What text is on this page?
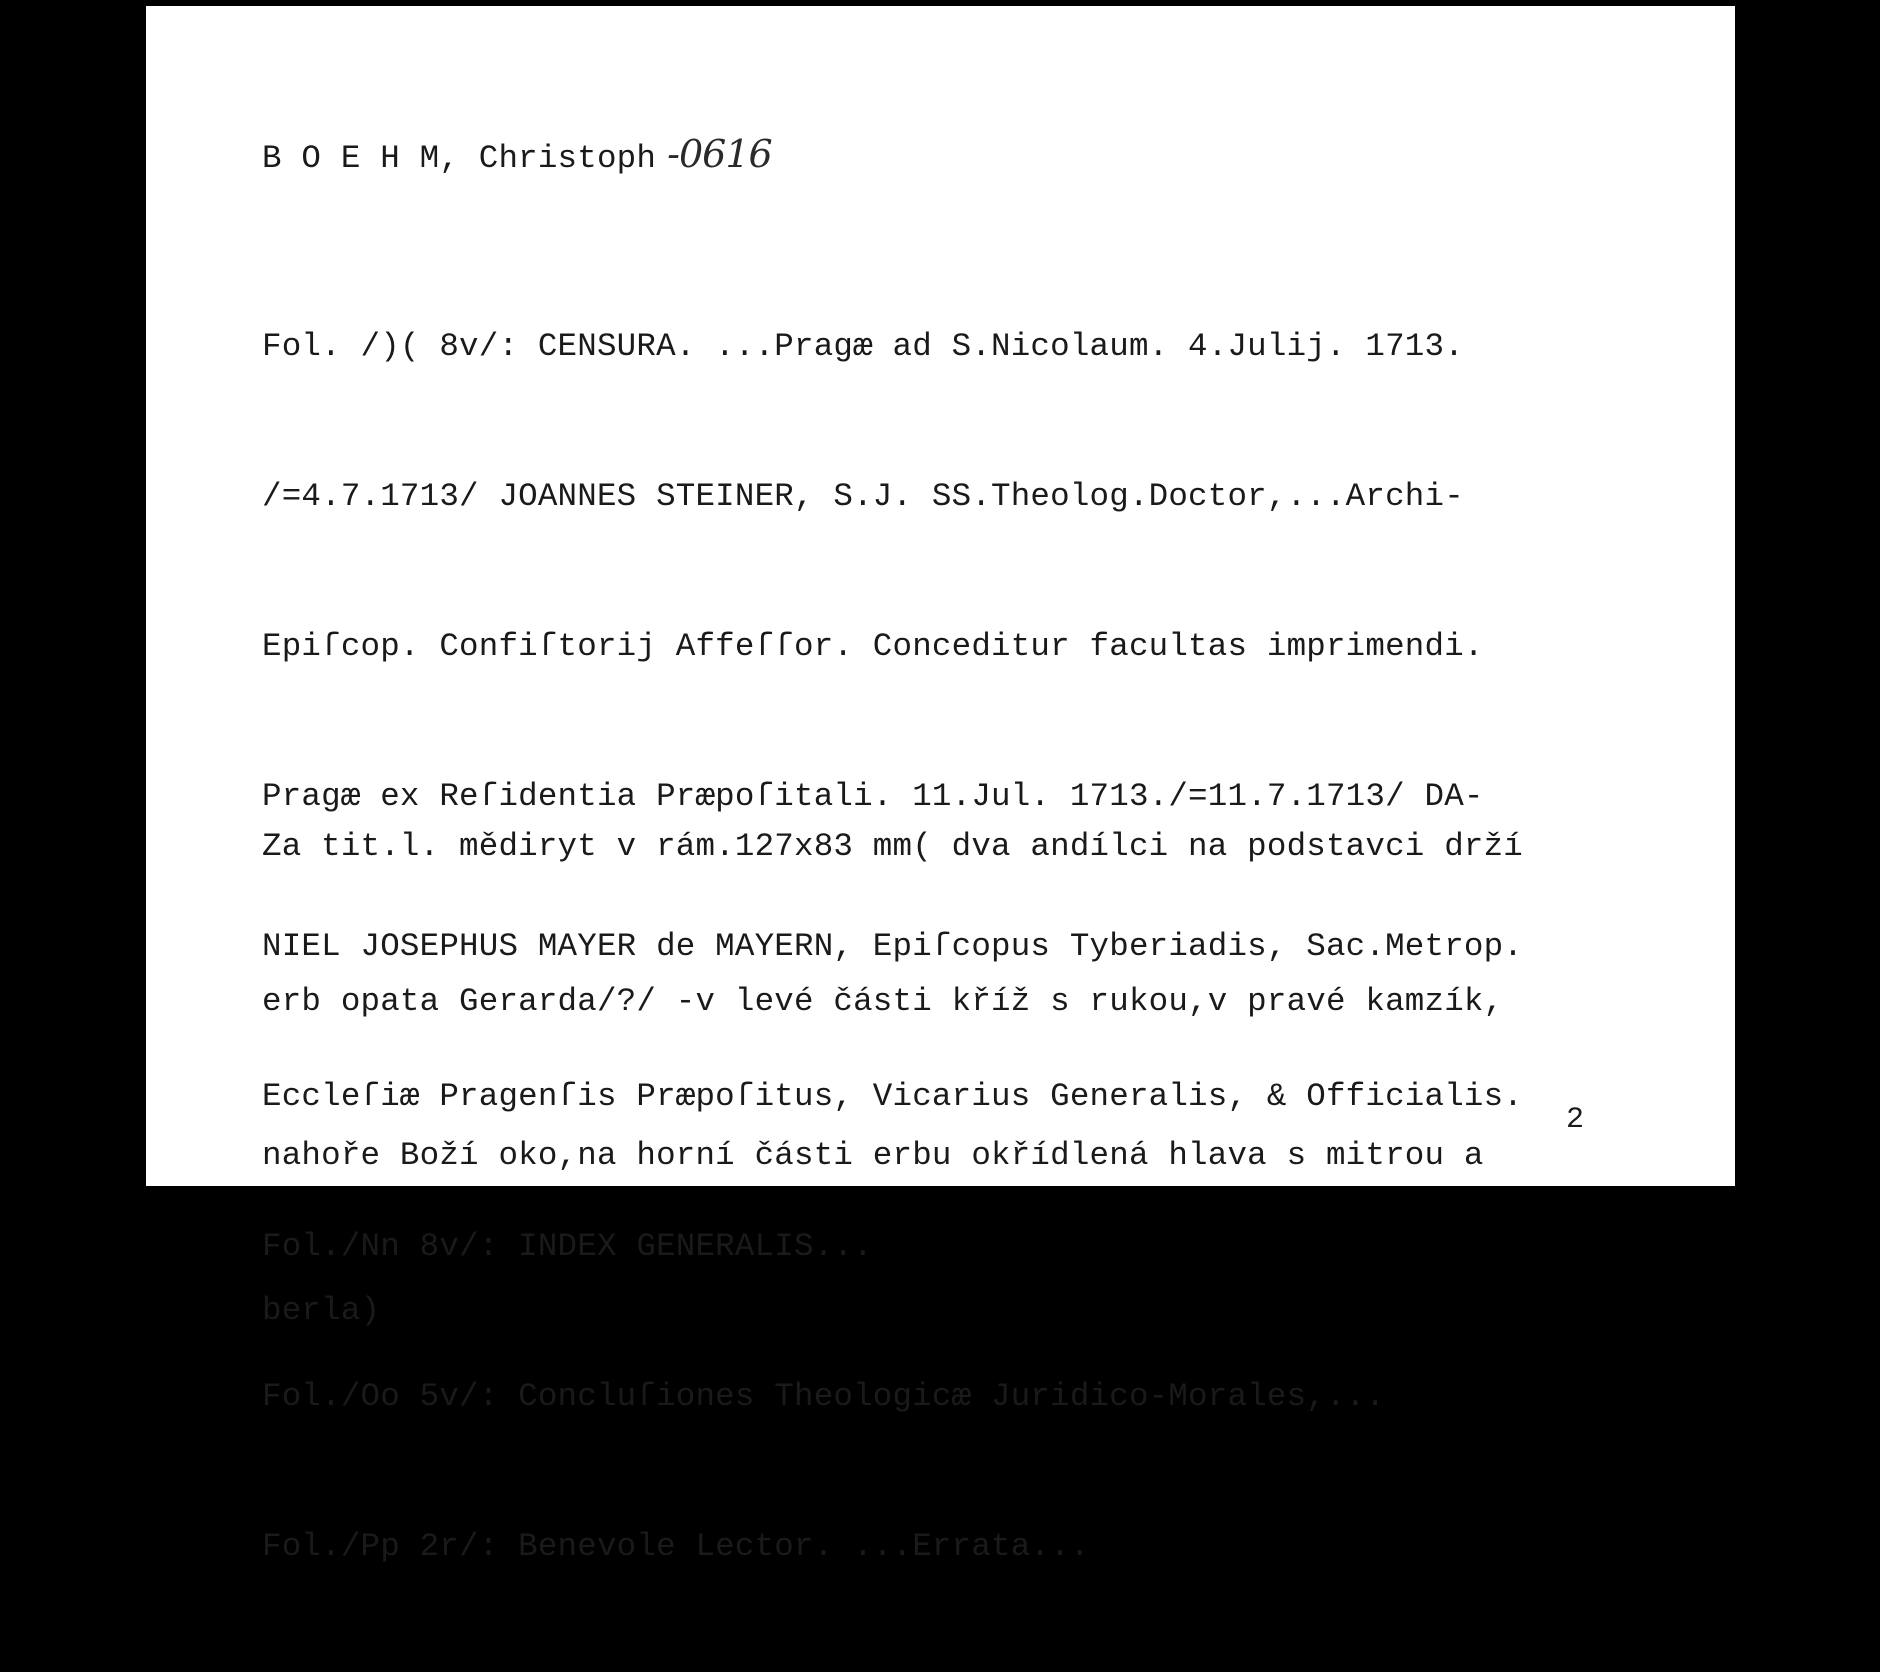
B O E H M, Christoph -0616

Fol. /)( 8v/: CENSURA. ...Pragæ ad S.Nicolaum. 4.Julij. 1713.

/=4.7.1713/ JOANNES STEINER, S.J. SS.Theolog.Doctor,...Archi-

Epiſcop. Confiſtorij Affeſſor. Conceditur facultas imprimendi.

Pragæ ex Reſidentia Præpoſitali. 11.Jul. 1713./=11.7.1713/ DA-

NIEL JOSEPHUS MAYER de MAYERN, Epiſcopus Tyberiadis, Sac.Metrop.

Eccleſiæ Pragenſis Præpoſitus, Vicarius Generalis, & Officialis.

Fol./Nn 8v/: INDEX GENERALIS...

Fol./Oo 5v/: Concluſiones Theologicæ Juridico-Morales,...

Fol./Pp 2r/: Benevole Lector. ...Errata...

Za tit.l. mědiryt v rám.127x83 mm( dva andílci na podstavci drží

erb opata Gerarda/?/ -v levé části kříž s rukou,v pravé kamzík,

nahoře Boží oko,na horní části erbu okřídlená hlava s mitrou a

berla)

2
